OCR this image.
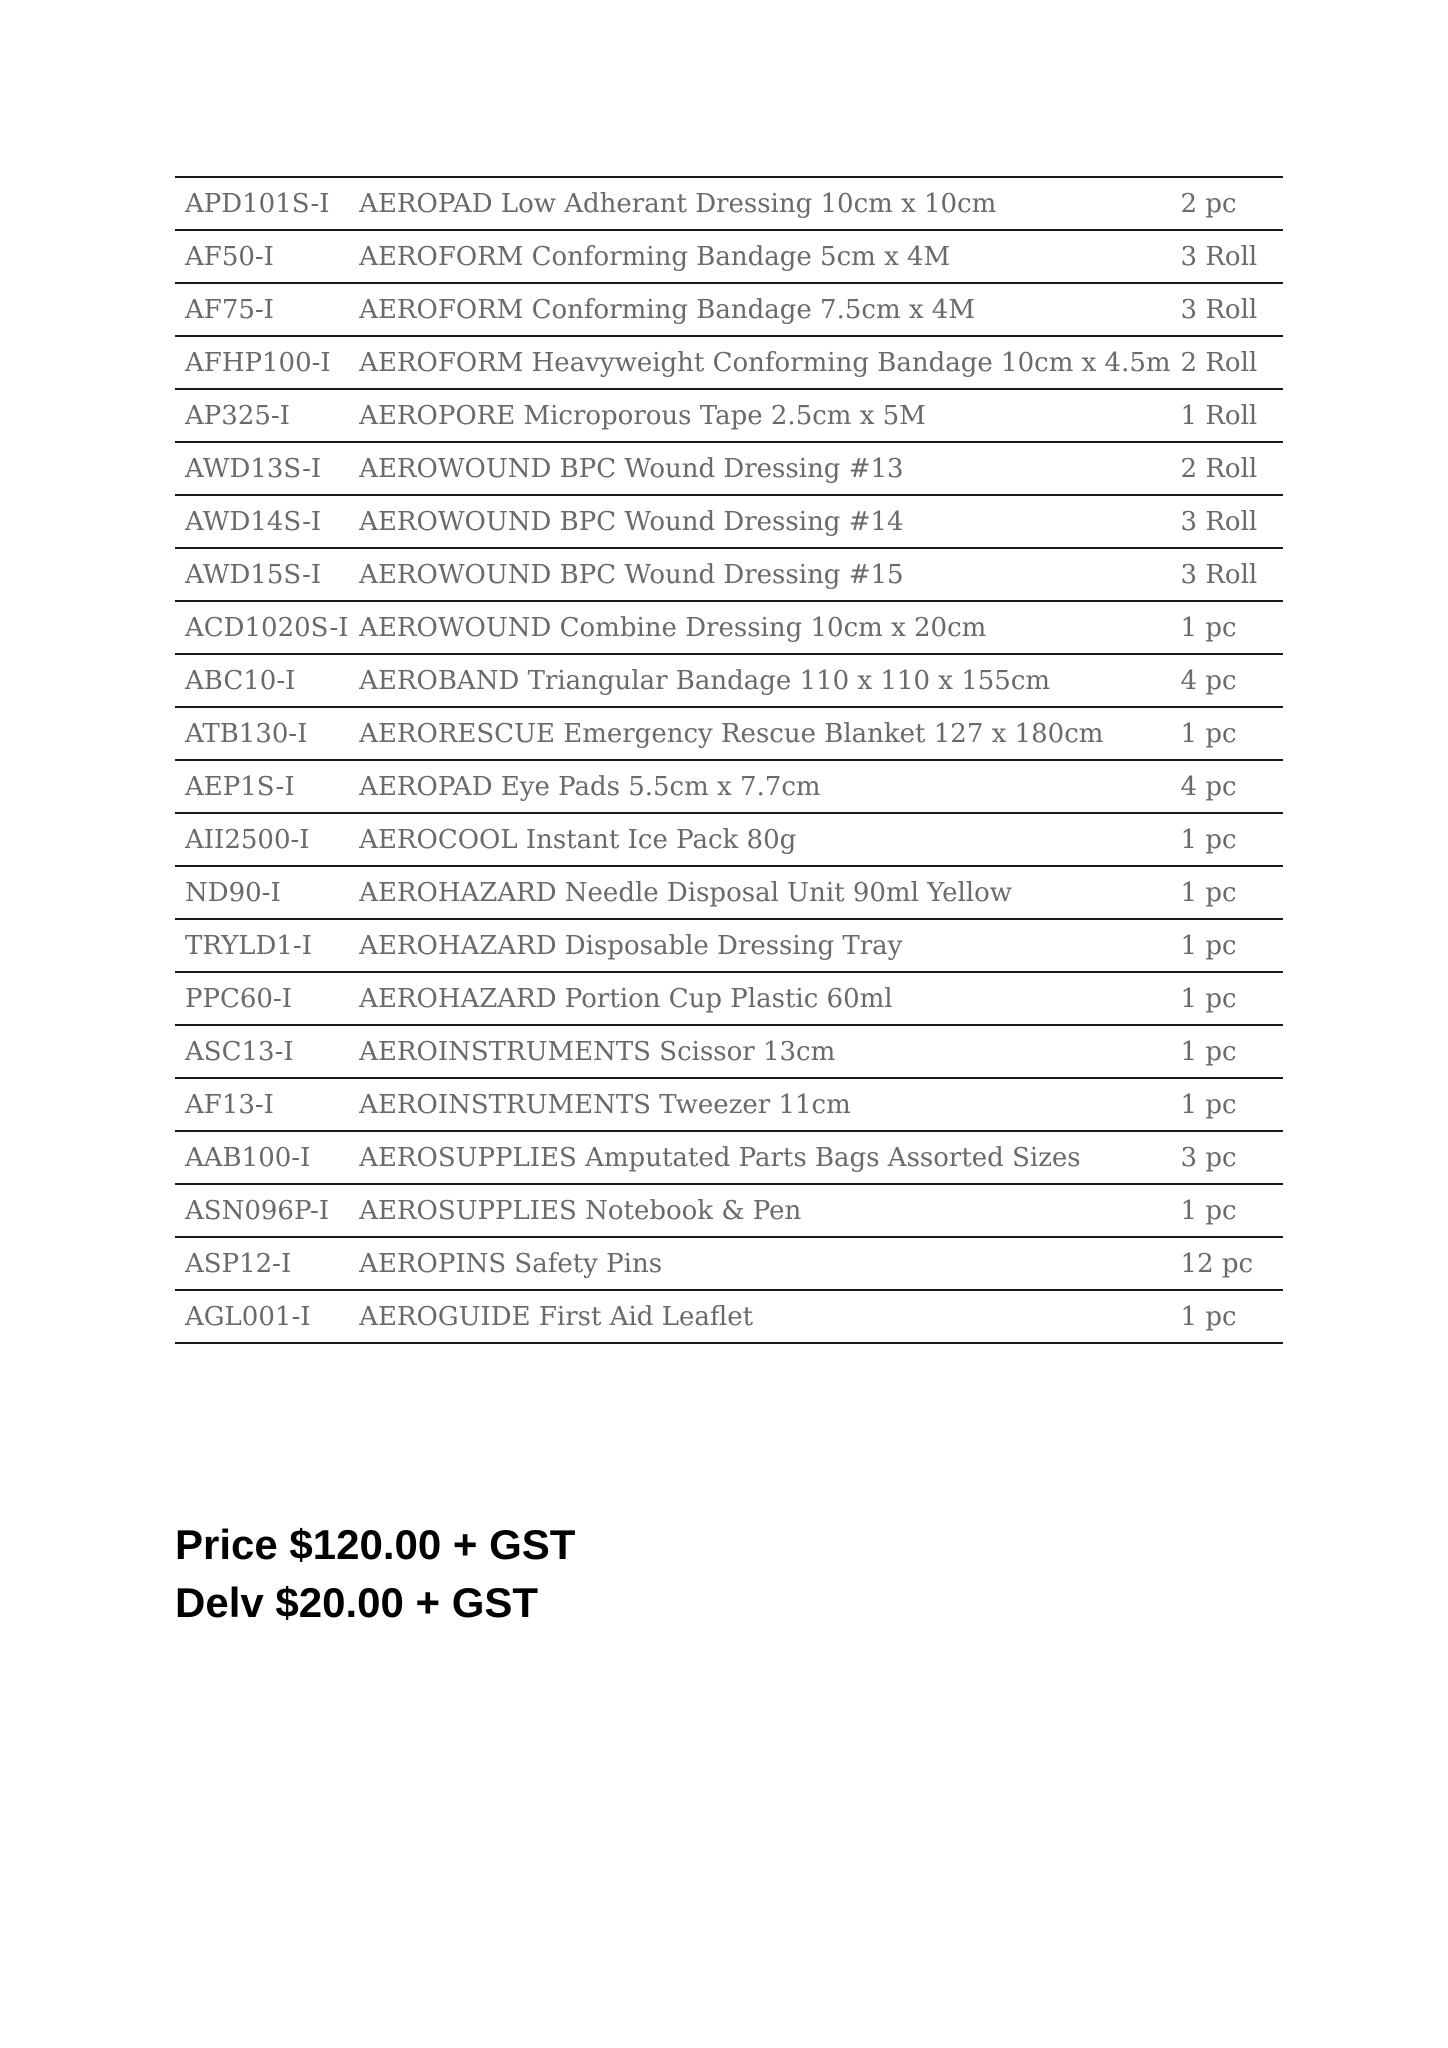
APD101S-I	AEROPAD Low Adherant Dressing 10cm x 10cm	2 pc
AF50-I	AEROFORM Conforming Bandage 5cm x 4M	3 Roll
AF75-I	AEROFORM Conforming Bandage 7.5cm x 4M	3 Roll
AFHP100-I	AEROFORM Heavyweight Conforming Bandage 10cm x 4.5m	2 Roll
AP325-I	AEROPORE Microporous Tape 2.5cm x 5M	1 Roll
AWD13S-I	AEROWOUND BPC Wound Dressing #13	2 Roll
AWD14S-I	AEROWOUND BPC Wound Dressing #14	3 Roll
AWD15S-I	AEROWOUND BPC Wound Dressing #15	3 Roll
ACD1020S-I	AEROWOUND Combine Dressing 10cm x 20cm	1 pc
ABC10-I	AEROBAND Triangular Bandage 110 x 110 x 155cm	4 pc
ATB130-I	AERORESCUE Emergency Rescue Blanket 127 x 180cm	1 pc
AEP1S-I	AEROPAD Eye Pads 5.5cm x 7.7cm	4 pc
AII2500-I	AEROCOOL Instant Ice Pack 80g	1 pc
ND90-I	AEROHAZARD Needle Disposal Unit 90ml Yellow	1 pc
TRYLD1-I	AEROHAZARD Disposable Dressing Tray	1 pc
PPC60-I	AEROHAZARD Portion Cup Plastic 60ml	1 pc
ASC13-I	AEROINSTRUMENTS Scissor 13cm	1 pc
AF13-I	AEROINSTRUMENTS Tweezer 11cm	1 pc
AAB100-I	AEROSUPPLIES Amputated Parts Bags Assorted Sizes	3 pc
ASN096P-I	AEROSUPPLIES Notebook & Pen	1 pc
ASP12-I	AEROPINS Safety Pins	12 pc
AGL001-I	AEROGUIDE First Aid Leaflet	1 pc
Price $120.00 + GST
Delv $20.00 + GST
